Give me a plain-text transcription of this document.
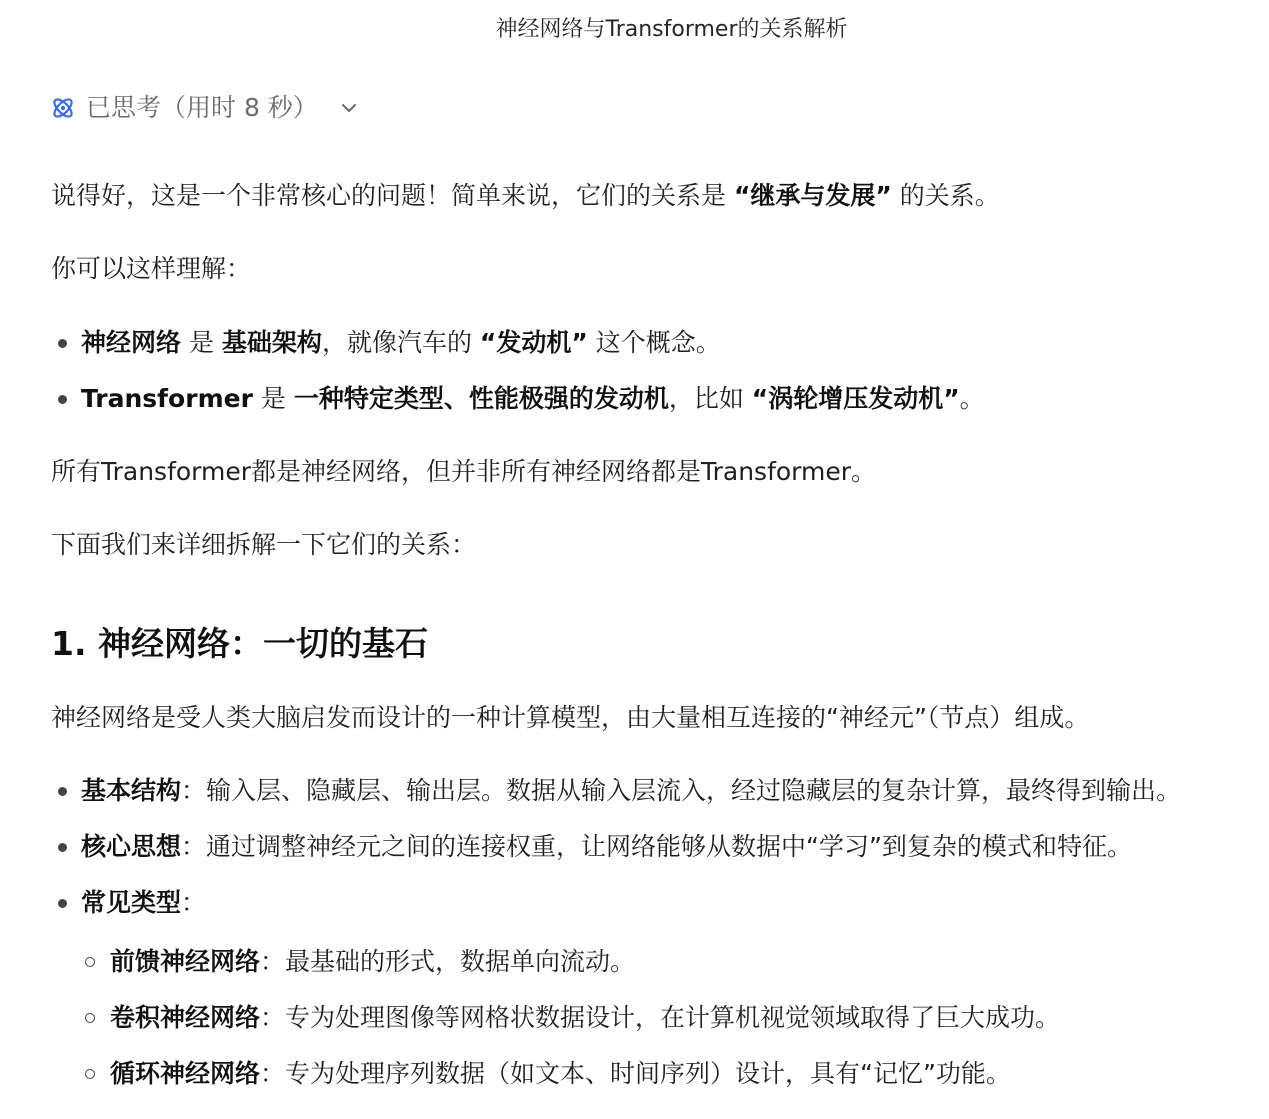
神经网络与Transformer的关系解析
已思考（用时 8 秒）

说得好，这是一个非常核心的问题！简单来说，它们的关系是 “继承与发展” 的关系。

你可以这样理解：

神经网络 是 基础架构，就像汽车的 “发动机” 这个概念。
Transformer 是 一种特定类型、性能极强的发动机，比如 “涡轮增压发动机”。

所有Transformer都是神经网络，但并非所有神经网络都是Transformer。

下面我们来详细拆解一下它们的关系：

1. 神经网络：一切的基石

神经网络是受人类大脑启发而设计的一种计算模型，由大量相互连接的“神经元”（节点）组成。

基本结构：输入层、隐藏层、输出层。数据从输入层流入，经过隐藏层的复杂计算，最终得到输出。
核心思想：通过调整神经元之间的连接权重，让网络能够从数据中“学习”到复杂的模式和特征。
常见类型：
前馈神经网络：最基础的形式，数据单向流动。
卷积神经网络：专为处理图像等网格状数据设计，在计算机视觉领域取得了巨大成功。
循环神经网络：专为处理序列数据（如文本、时间序列）设计，具有“记忆”功能。
